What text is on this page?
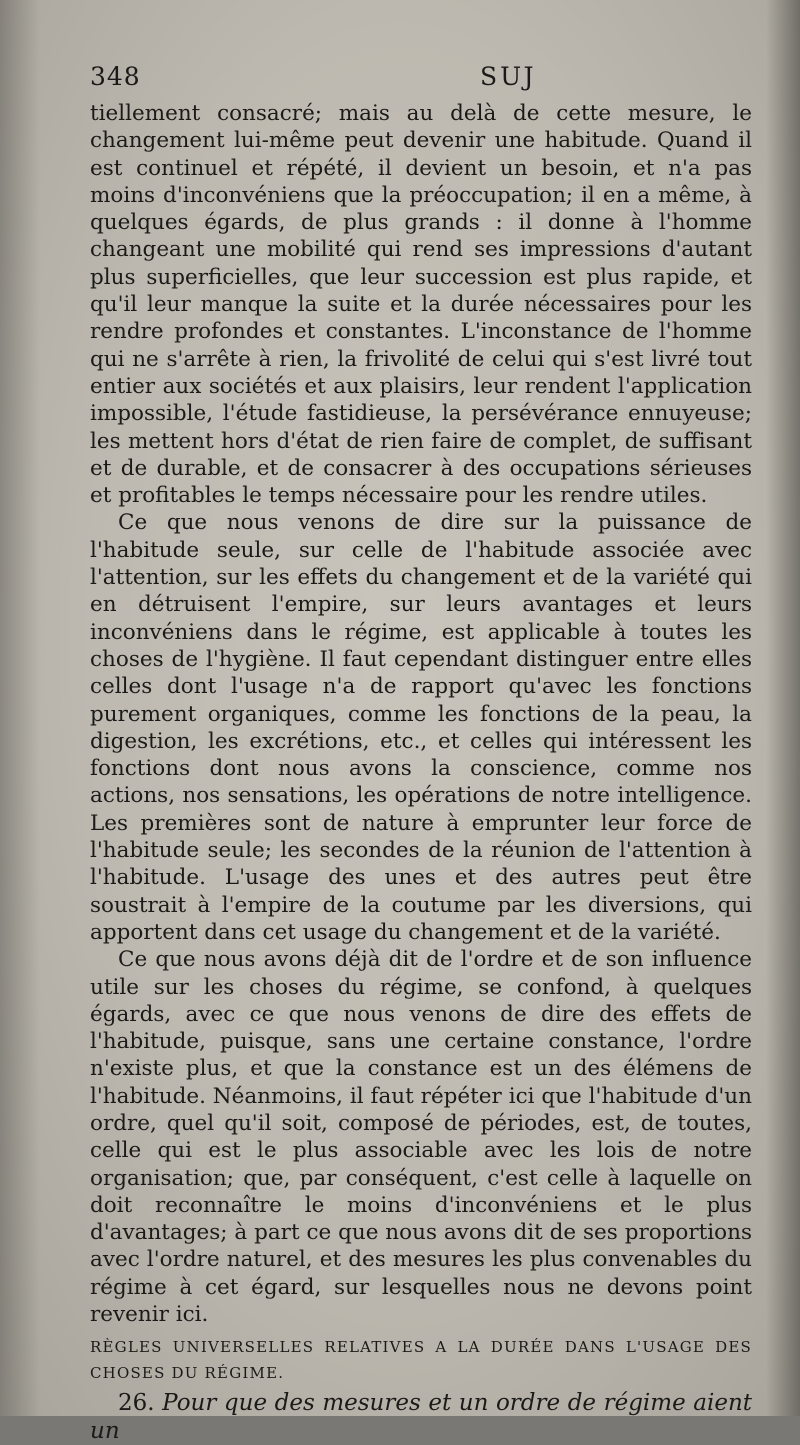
348	SUJ

tiellement consacré; mais au delà de cette mesure, le changement lui-même peut devenir une habitude. Quand il est continuel et répété, il devient un besoin, et n'a pas moins d'inconvéniens que la préoccupation; il en a même, à quelques égards, de plus grands : il donne à l'homme changeant une mobilité qui rend ses impressions d'autant plus superficielles, que leur succession est plus rapide, et qu'il leur manque la suite et la durée nécessaires pour les rendre profondes et constantes. L'inconstance de l'homme qui ne s'arrête à rien, la frivolité de celui qui s'est livré tout entier aux sociétés et aux plaisirs, leur rendent l'application impossible, l'étude fastidieuse, la persévérance ennuyeuse; les mettent hors d'état de rien faire de complet, de suffisant et de durable, et de consacrer à des occupations sérieuses et profitables le temps nécessaire pour les rendre utiles.

Ce que nous venons de dire sur la puissance de l'habitude seule, sur celle de l'habitude associée avec l'attention, sur les effets du changement et de la variété qui en détruisent l'empire, sur leurs avantages et leurs inconvéniens dans le régime, est applicable à toutes les choses de l'hygiène. Il faut cependant distinguer entre elles celles dont l'usage n'a de rapport qu'avec les fonctions purement organiques, comme les fonctions de la peau, la digestion, les excrétions, etc., et celles qui intéressent les fonctions dont nous avons la conscience, comme nos actions, nos sensations, les opérations de notre intelligence. Les premières sont de nature à emprunter leur force de l'habitude seule; les secondes de la réunion de l'attention à l'habitude. L'usage des unes et des autres peut être soustrait à l'empire de la coutume par les diversions, qui apportent dans cet usage du changement et de la variété.

Ce que nous avons déjà dit de l'ordre et de son influence utile sur les choses du régime, se confond, à quelques égards, avec ce que nous venons de dire des effets de l'habitude, puisque, sans une certaine constance, l'ordre n'existe plus, et que la constance est un des élémens de l'habitude. Néanmoins, il faut répéter ici que l'habitude d'un ordre, quel qu'il soit, composé de périodes, est, de toutes, celle qui est le plus associable avec les lois de notre organisation; que, par conséquent, c'est celle à laquelle on doit reconnaître le moins d'inconvéniens et le plus d'avantages; à part ce que nous avons dit de ses proportions avec l'ordre naturel, et des mesures les plus convenables du régime à cet égard, sur lesquelles nous ne devons point revenir ici.

RÈGLES UNIVERSELLES RELATIVES A LA DURÉE DANS L'USAGE DES CHOSES DU RÉGIME.

26. Pour que des mesures et un ordre de régime aient un
